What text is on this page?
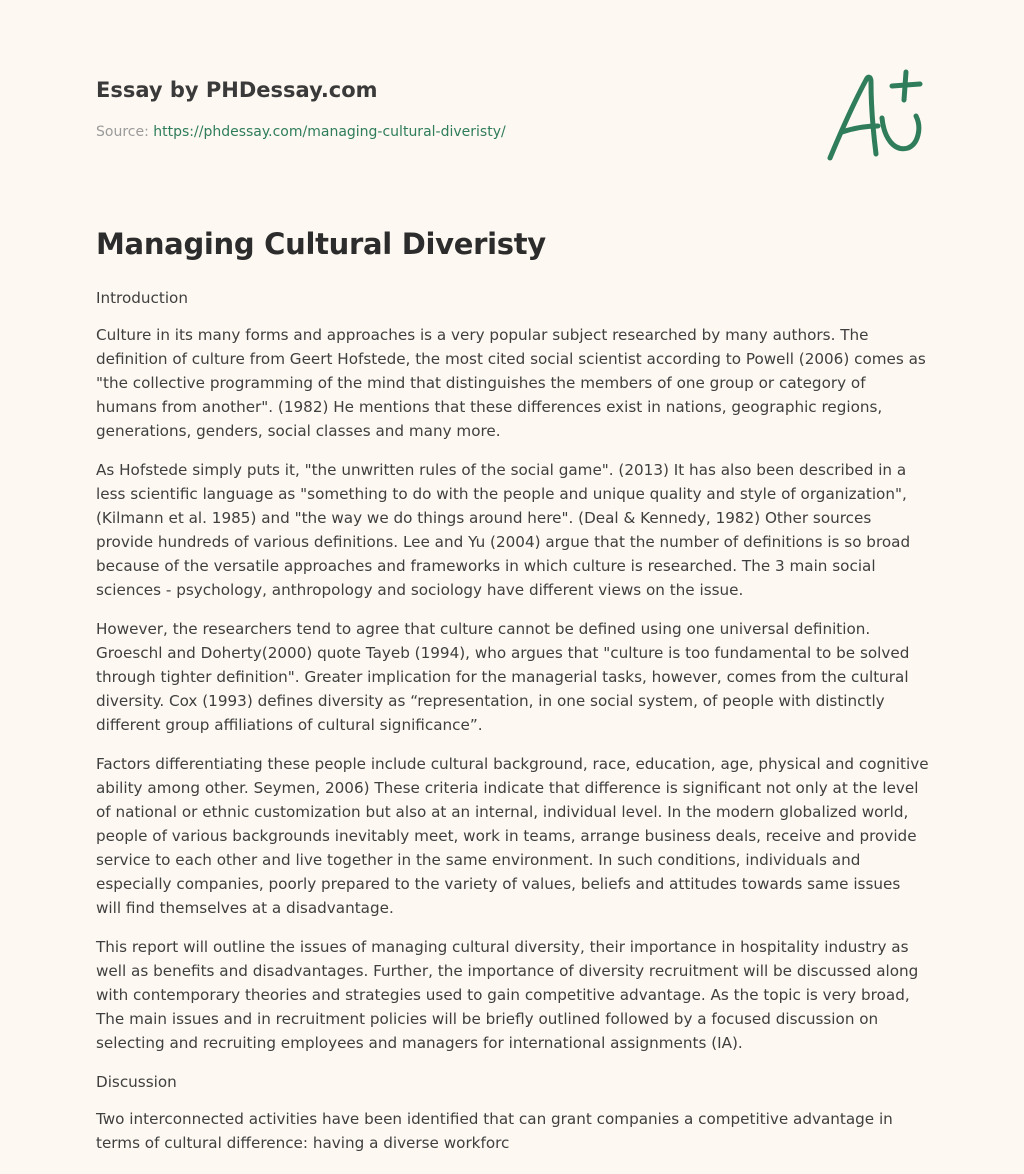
Essay by PHDessay.com
Source: https://phdessay.com/managing-cultural-diveristy/
Managing Cultural Diveristy

Introduction

Culture in its many forms and approaches is a very popular subject researched by many authors. The definition of culture from Geert Hofstede, the most cited social scientist according to Powell (2006) comes as "the collective programming of the mind that distinguishes the members of one group or category of humans from another". (1982) He mentions that these differences exist in nations, geographic regions, generations, genders, social classes and many more.

As Hofstede simply puts it, "the unwritten rules of the social game". (2013) It has also been described in a less scientific language as "something to do with the people and unique quality and style of organization", (Kilmann et al. 1985) and "the way we do things around here". (Deal & Kennedy, 1982) Other sources provide hundreds of various definitions. Lee and Yu (2004) argue that the number of definitions is so broad because of the versatile approaches and frameworks in which culture is researched. The 3 main social sciences - psychology, anthropology and sociology have different views on the issue.

However, the researchers tend to agree that culture cannot be defined using one universal definition. Groeschl and Doherty(2000) quote Tayeb (1994), who argues that "culture is too fundamental to be solved through tighter definition". Greater implication for the managerial tasks, however, comes from the cultural diversity. Cox (1993) defines diversity as “representation, in one social system, of people with distinctly different group affiliations of cultural significance”.

Factors differentiating these people include cultural background, race, education, age, physical and cognitive ability among other. Seymen, 2006) These criteria indicate that difference is significant not only at the level of national or ethnic customization but also at an internal, individual level. In the modern globalized world, people of various backgrounds inevitably meet, work in teams, arrange business deals, receive and provide service to each other and live together in the same environment. In such conditions, individuals and especially companies, poorly prepared to the variety of values, beliefs and attitudes towards same issues will find themselves at a disadvantage.

This report will outline the issues of managing cultural diversity, their importance in hospitality industry as well as benefits and disadvantages. Further, the importance of diversity recruitment will be discussed along with contemporary theories and strategies used to gain competitive advantage. As the topic is very broad, The main issues and in recruitment policies will be briefly outlined followed by a focused discussion on selecting and recruiting employees and managers for international assignments (IA).

Discussion

Two interconnected activities have been identified that can grant companies a competitive advantage in terms of cultural difference: having a diverse workforc
